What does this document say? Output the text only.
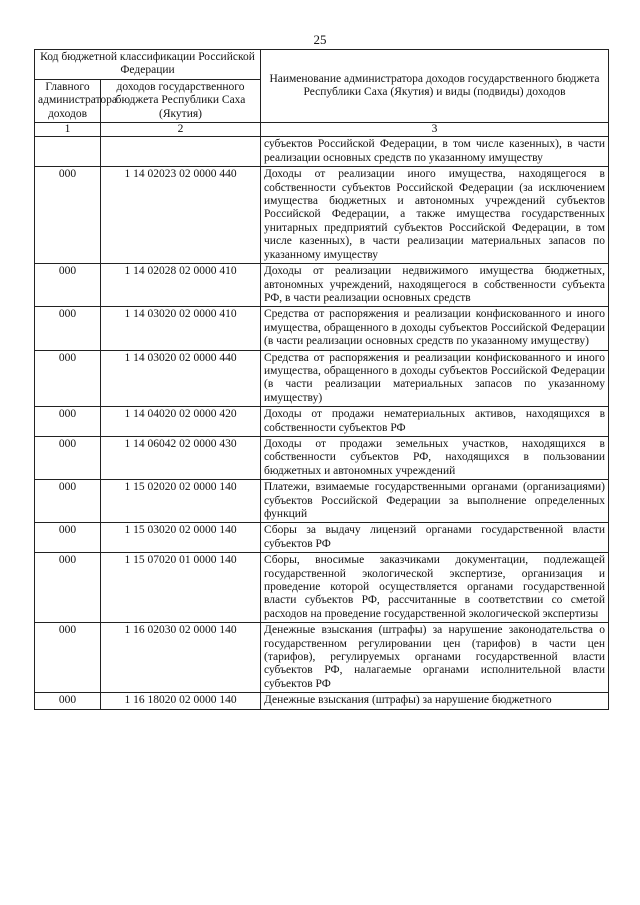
25
Код бюджетной классификации Российской Федерации		Наименование администратора доходов государственного бюджета Республики Саха (Якутия) и виды (подвиды) доходов
Главного администратора доходов	доходов государственного бюджета Республики Саха (Якутия)	
1	2	3
		субъектов Российской Федерации, в том числе казенных), в части реализации основных средств по указанному имуществу
000	1 14 02023 02 0000 440	Доходы от реализации иного имущества, находящегося в собственности субъектов Российской Федерации (за исключением имущества бюджетных и автономных учреждений субъектов Российской Федерации, а также имущества государственных унитарных предприятий субъектов Российской Федерации, в том числе казенных), в части реализации материальных запасов по указанному имуществу
000	1 14 02028 02 0000 410	Доходы от реализации недвижимого имущества бюджетных, автономных учреждений, находящегося в собственности субъекта РФ, в части реализации основных средств
000	1 14 03020 02 0000 410	Средства от распоряжения и реализации конфискованного и иного имущества, обращенного в доходы субъектов Российской Федерации (в части реализации основных средств по указанному имуществу)
000	1 14 03020 02 0000 440	Средства от распоряжения и реализации конфискованного и иного имущества, обращенного в доходы субъектов Российской Федерации (в части реализации материальных запасов по указанному имуществу)
000	1 14 04020 02 0000 420	Доходы от продажи нематериальных активов, находящихся в собственности субъектов РФ
000	1 14 06042 02 0000 430	Доходы от продажи земельных участков, находящихся в собственности субъектов РФ, находящихся в пользовании бюджетных и автономных учреждений
000	1 15 02020 02 0000 140	Платежи, взимаемые государственными органами (организациями) субъектов Российской Федерации за выполнение определенных функций
000	1 15 03020 02 0000 140	Сборы за выдачу лицензий органами государственной власти субъектов РФ
000	1 15 07020 01 0000 140	Сборы, вносимые заказчиками документации, подлежащей государственной экологической экспертизе, организация и проведение которой осуществляется органами государственной власти субъектов РФ, рассчитанные в соответствии со сметой расходов на проведение государственной экологической экспертизы
000	1 16 02030 02 0000 140	Денежные взыскания (штрафы) за нарушение законодательства о государственном регулировании цен (тарифов) в части цен (тарифов), регулируемых органами государственной власти субъектов РФ, налагаемые органами исполнительной власти субъектов РФ
000	1 16 18020 02 0000 140	Денежные взыскания (штрафы) за нарушение бюджетного
